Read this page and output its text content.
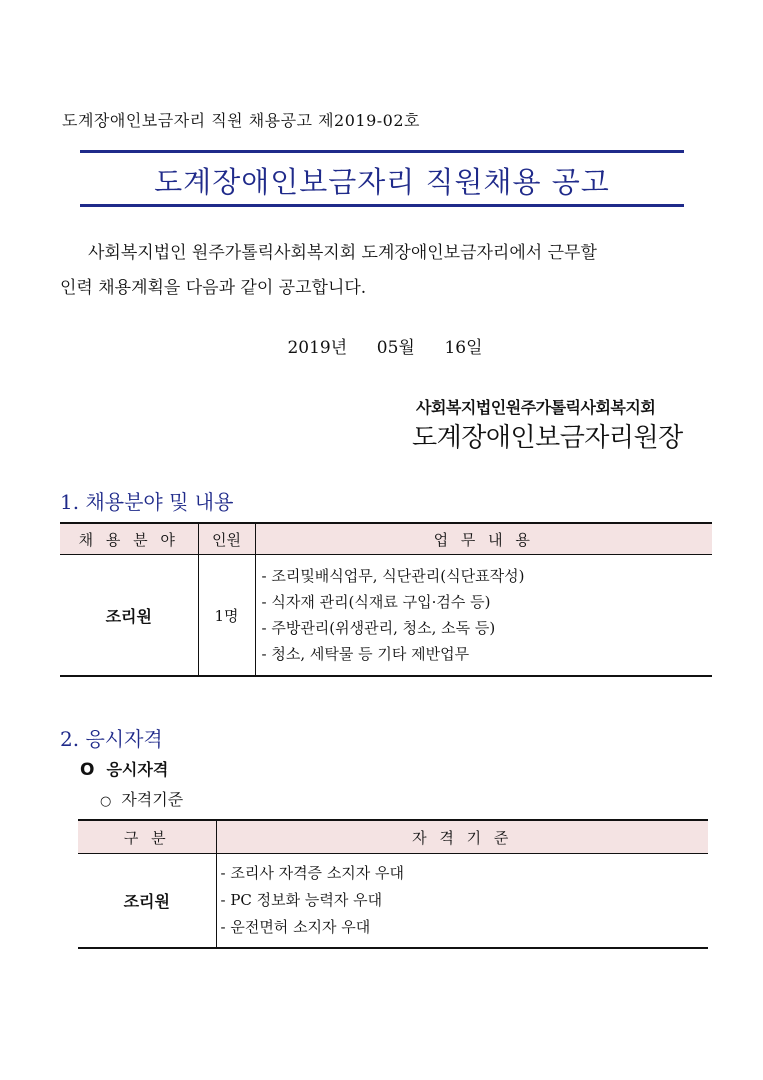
도계장애인보금자리 직원 채용공고 제2019-02호
도계장애인보금자리 직원채용 공고
사회복지법인 원주가톨릭사회복지회 도계장애인보금자리에서 근무할
인력 채용계획을 다음과 같이 공고합니다.
2019년    05월    16일
사회복지법인원주가톨릭사회복지회
도계장애인보금자리원장
1. 채용분야 및 내용
채 용 분 야	인원	업 무 내 용
조리원	1명	- 조리및배식업무, 식단관리(식단표작성)
- 식자재 관리(식재료 구입·검수 등)
- 주방관리(위생관리, 청소, 소독 등)
- 청소, 세탁물 등 기타 제반업무
2. 응시자격
O 응시자격
○ 자격기준
구 분	자 격 기 준
조리원	- 조리사 자격증 소지자 우대
- PC 정보화 능력자 우대
- 운전면허 소지자 우대
